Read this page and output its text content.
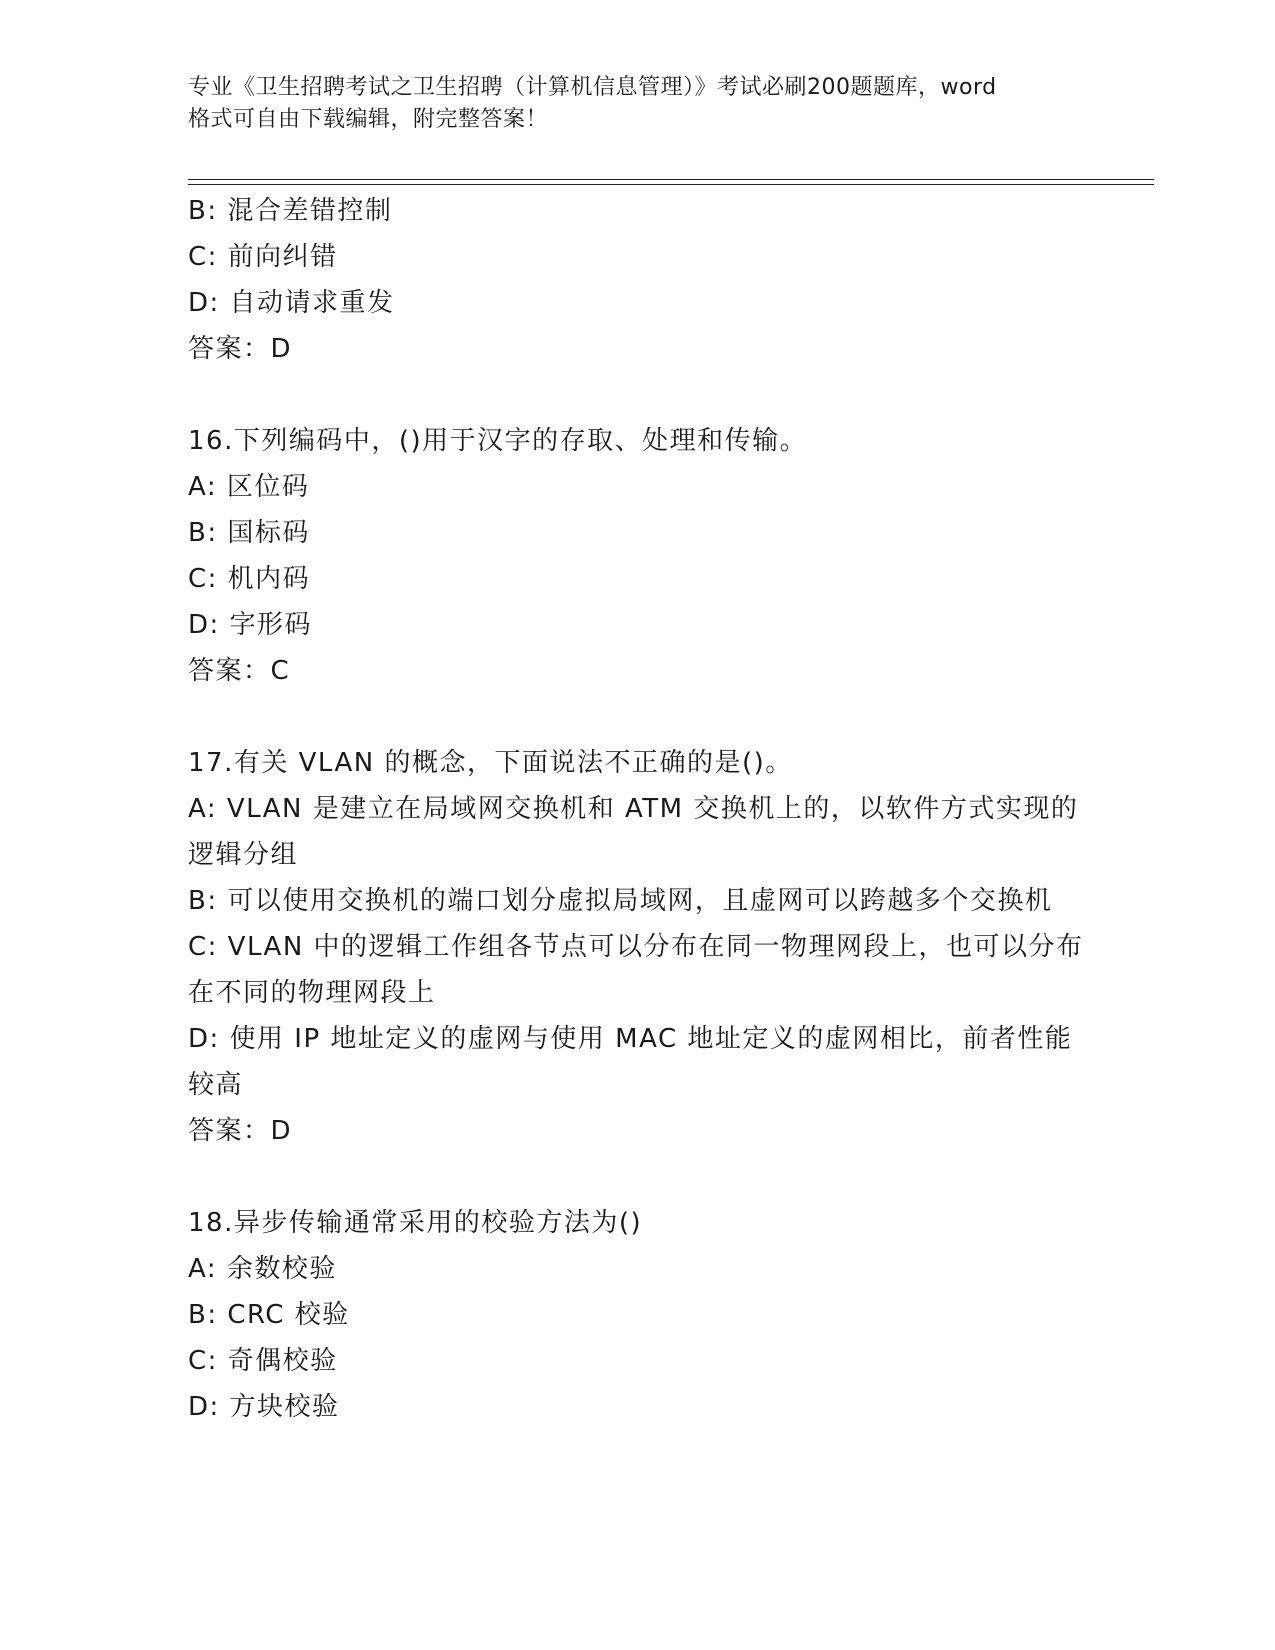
专业《卫生招聘考试之卫生招聘（计算机信息管理）》考试必刷200题题库，word
格式可自由下载编辑，附完整答案！
B: 混合差错控制
C: 前向纠错
D: 自动请求重发
答案：D
16.下列编码中，()用于汉字的存取、处理和传输。
A: 区位码
B: 国标码
C: 机内码
D: 字形码
答案：C
17.有关 VLAN 的概念，下面说法不正确的是()。
A: VLAN 是建立在局域网交换机和 ATM 交换机上的，以软件方式实现的逻辑分组
B: 可以使用交换机的端口划分虚拟局域网，且虚网可以跨越多个交换机
C: VLAN 中的逻辑工作组各节点可以分布在同一物理网段上，也可以分布在不同的物理网段上
D: 使用 IP 地址定义的虚网与使用 MAC 地址定义的虚网相比，前者性能较高
答案：D
18.异步传输通常采用的校验方法为()
A: 余数校验
B: CRC 校验
C: 奇偶校验
D: 方块校验
